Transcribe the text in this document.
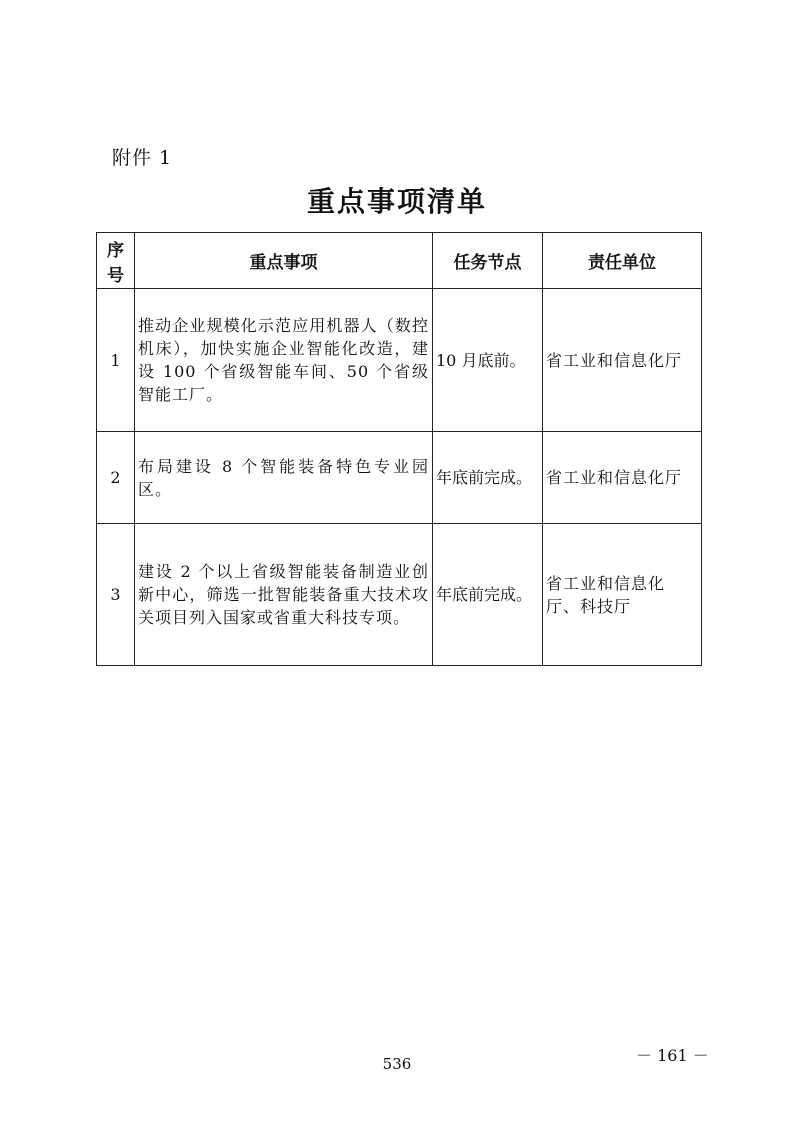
附件 1
重点事项清单
序号	重点事项	任务节点	责任单位
1	推动企业规模化示范应用机器人（数控机床），加快实施企业智能化改造，建设 100 个省级智能车间、50 个省级智能工厂。	10 月底前。	省工业和信息化厅
2	布局建设 8 个智能装备特色专业园区。	年底前完成。	省工业和信息化厅
3	建设 2 个以上省级智能装备制造业创新中心，筛选一批智能装备重大技术攻关项目列入国家或省重大科技专项。	年底前完成。	省工业和信息化厅、科技厅
－ 161 －
536
